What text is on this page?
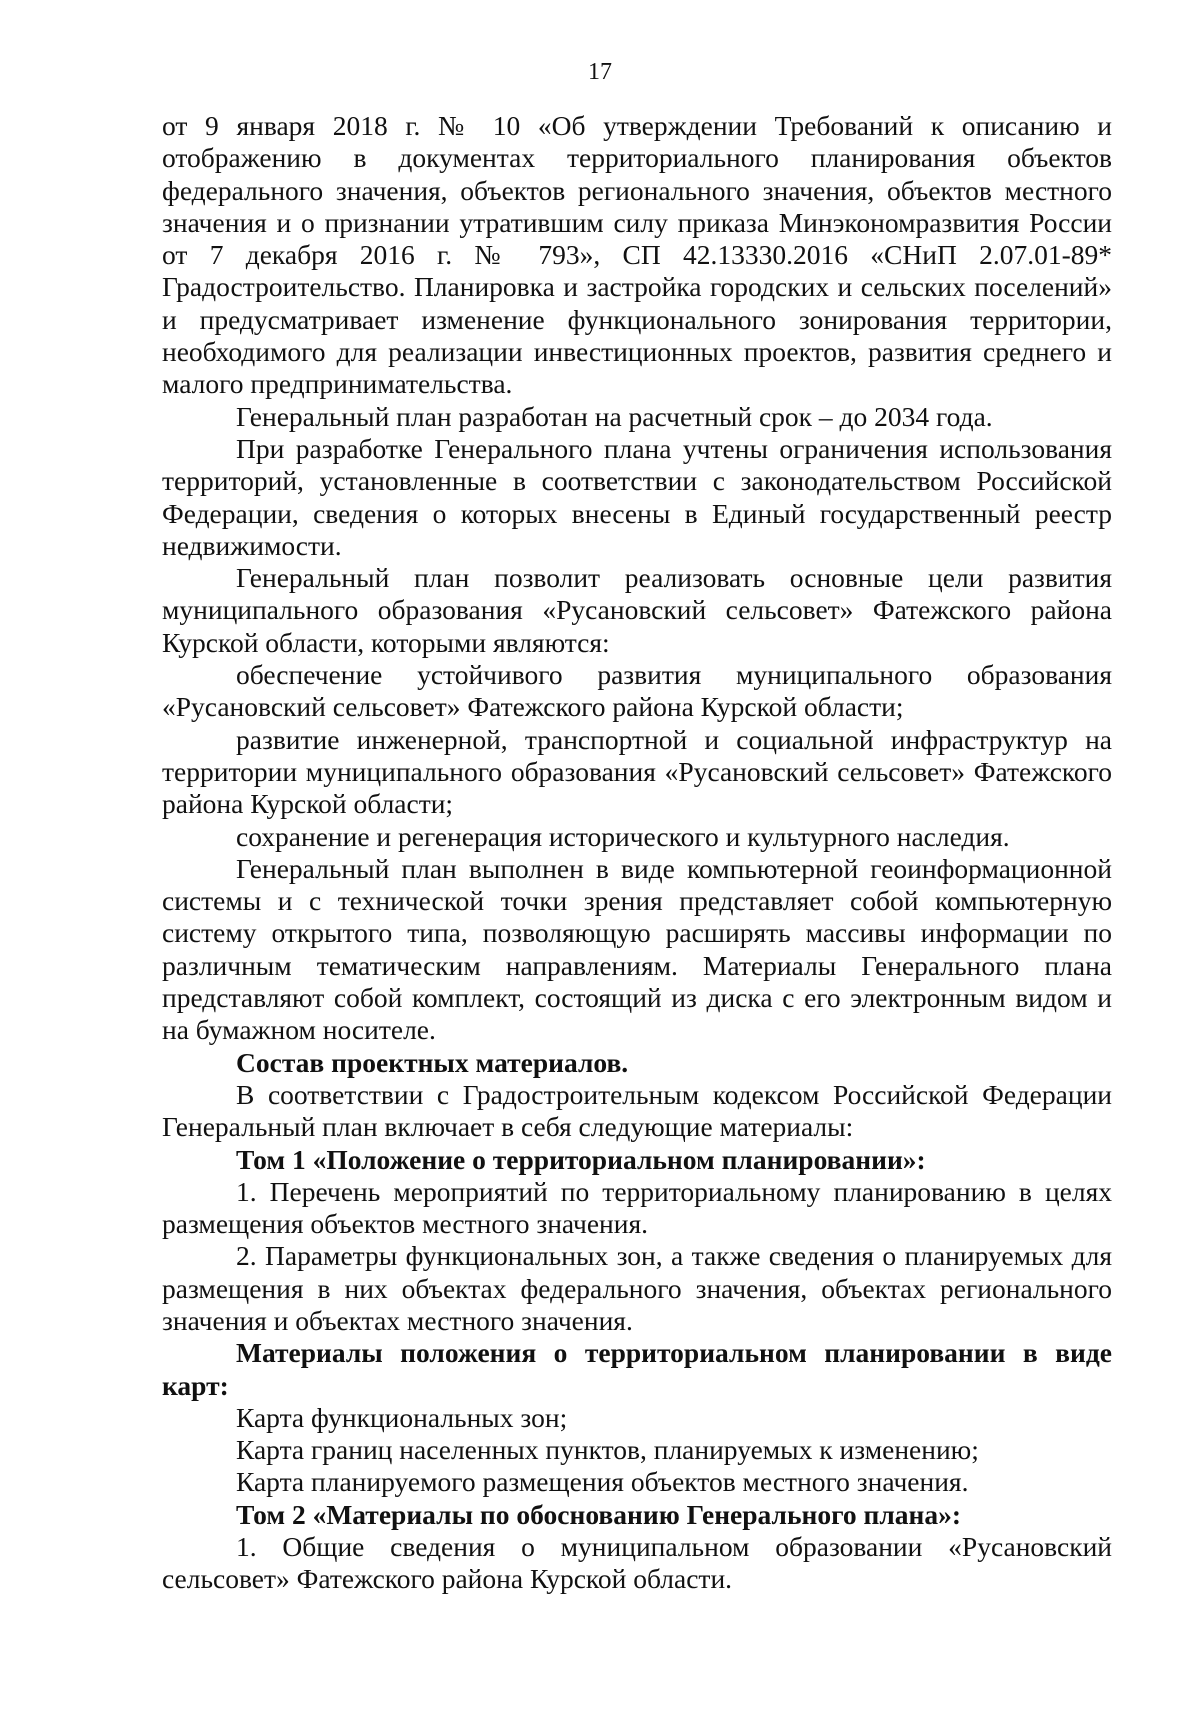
17

от 9 января 2018 г. № 10 «Об утверждении Требований к описанию и отображению в документах территориального планирования объектов федерального значения, объектов регионального значения, объектов местного значения и о признании утратившим силу приказа Минэкономразвития России от 7 декабря 2016 г. № 793», СП 42.13330.2016 «СНиП 2.07.01-89* Градостроительство. Планировка и застройка городских и сельских поселений» и предусматривает изменение функционального зонирования территории, необходимого для реализации инвестиционных проектов, развития среднего и малого предпринимательства.

Генеральный план разработан на расчетный срок – до 2034 года.

При разработке Генерального плана учтены ограничения использования территорий, установленные в соответствии с законодательством Российской Федерации, сведения о которых внесены в Единый государственный реестр недвижимости.

Генеральный план позволит реализовать основные цели развития муниципального образования «Русановский сельсовет» Фатежского района Курской области, которыми являются:

обеспечение устойчивого развития муниципального образования «Русановский сельсовет» Фатежского района Курской области;

развитие инженерной, транспортной и социальной инфраструктур на территории муниципального образования «Русановский сельсовет» Фатежского района Курской области;

сохранение и регенерация исторического и культурного наследия.

Генеральный план выполнен в виде компьютерной геоинформационной системы и с технической точки зрения представляет собой компьютерную систему открытого типа, позволяющую расширять массивы информации по различным тематическим направлениям. Материалы Генерального плана представляют собой комплект, состоящий из диска с его электронным видом и на бумажном носителе.

Состав проектных материалов.

В соответствии с Градостроительным кодексом Российской Федерации Генеральный план включает в себя следующие материалы:

Том 1 «Положение о территориальном планировании»:

1. Перечень мероприятий по территориальному планированию в целях размещения объектов местного значения.

2. Параметры функциональных зон, а также сведения о планируемых для размещения в них объектах федерального значения, объектах регионального значения и объектах местного значения.

Материалы положения о территориальном планировании в виде карт:

Карта функциональных зон;

Карта границ населенных пунктов, планируемых к изменению;

Карта планируемого размещения объектов местного значения.

Том 2 «Материалы по обоснованию Генерального плана»:

1. Общие сведения о муниципальном образовании «Русановский сельсовет» Фатежского района Курской области.
